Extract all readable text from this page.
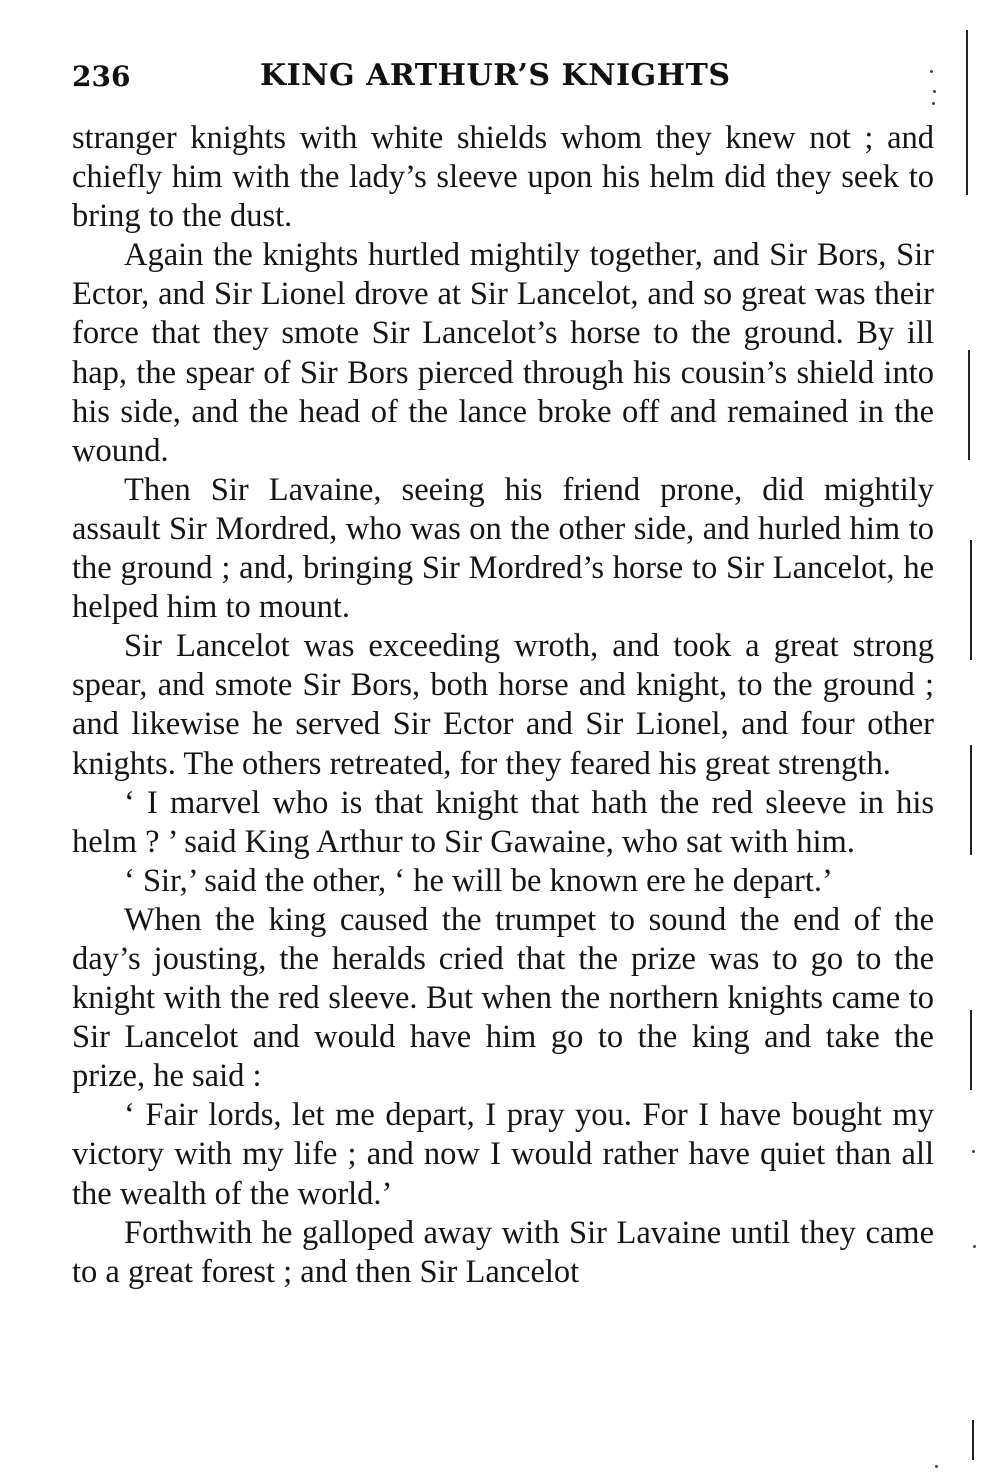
236	KING ARTHUR’S KNIGHTS

stranger knights with white shields whom they knew not ; and chiefly him with the lady’s sleeve upon his helm did they seek to bring to the dust.

Again the knights hurtled mightily together, and Sir Bors, Sir Ector, and Sir Lionel drove at Sir Lancelot, and so great was their force that they smote Sir Lancelot’s horse to the ground. By ill hap, the spear of Sir Bors pierced through his cousin’s shield into his side, and the head of the lance broke off and remained in the wound.

Then Sir Lavaine, seeing his friend prone, did mightily assault Sir Mordred, who was on the other side, and hurled him to the ground ; and, bringing Sir Mordred’s horse to Sir Lancelot, he helped him to mount.

Sir Lancelot was exceeding wroth, and took a great strong spear, and smote Sir Bors, both horse and knight, to the ground ; and likewise he served Sir Ector and Sir Lionel, and four other knights. The others retreated, for they feared his great strength.

‘ I marvel who is that knight that hath the red sleeve in his helm ? ’ said King Arthur to Sir Gawaine, who sat with him.

‘ Sir,’ said the other, ‘ he will be known ere he depart.’

When the king caused the trumpet to sound the end of the day’s jousting, the heralds cried that the prize was to go to the knight with the red sleeve. But when the northern knights came to Sir Lancelot and would have him go to the king and take the prize, he said :

‘ Fair lords, let me depart, I pray you. For I have bought my victory with my life ; and now I would rather have quiet than all the wealth of the world.’

Forthwith he galloped away with Sir Lavaine until they came to a great forest ; and then Sir Lancelot
